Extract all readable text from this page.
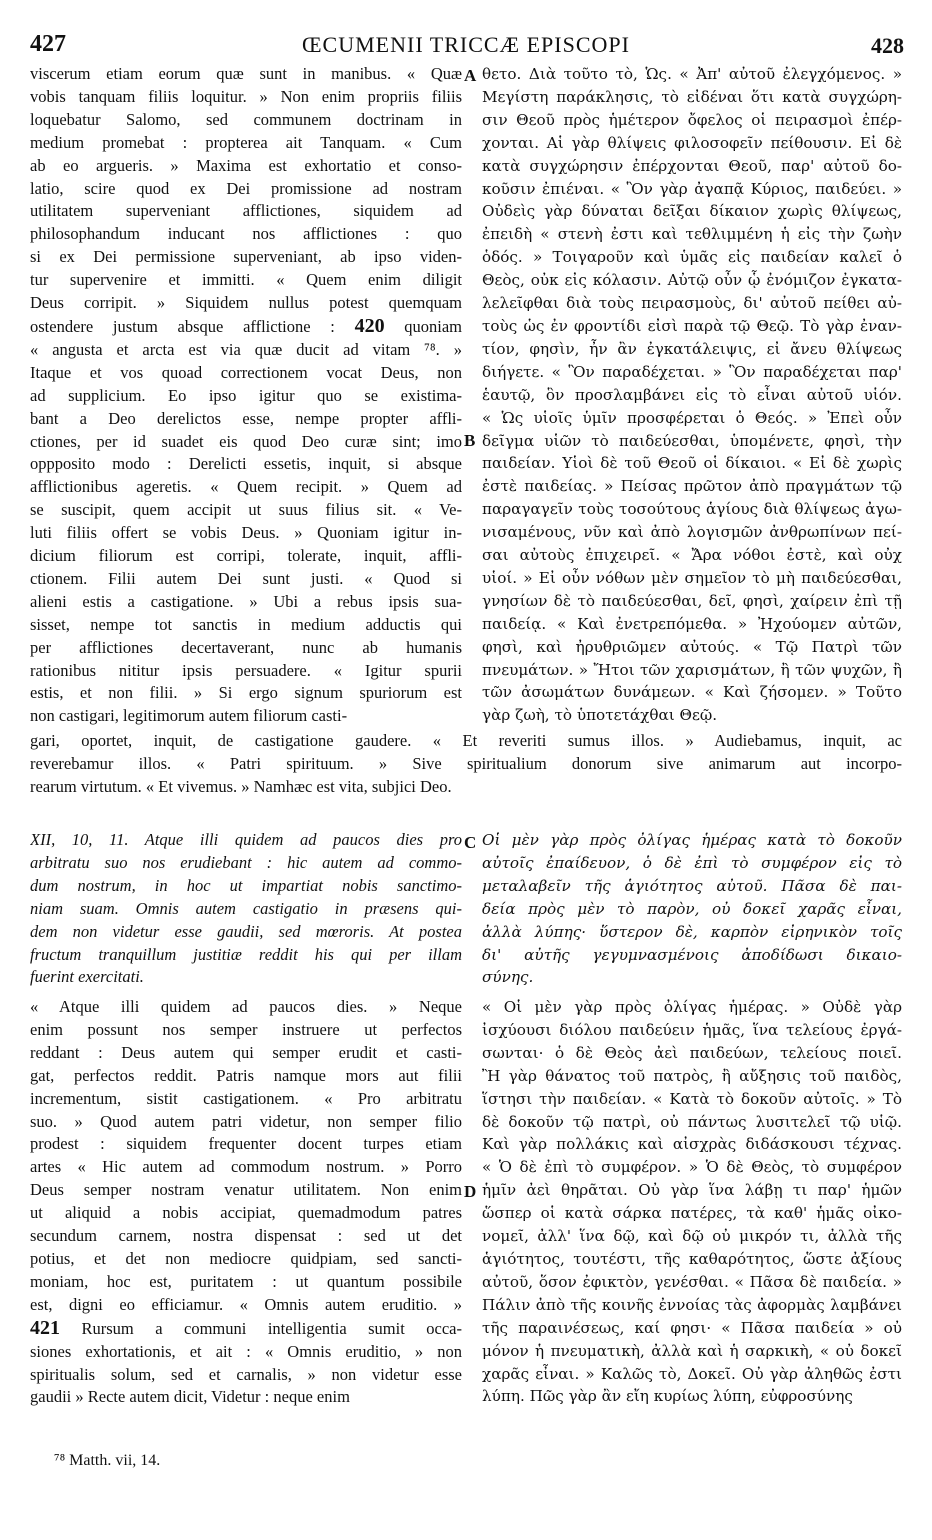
427	ŒCUMENII TRICCÆ EPISCOPI	428
A
B
C
D
viscerum etiam eorum quæ sunt in manibus. « Quæ
vobis tanquam filiis loquitur. » Non enim propriis filiis
loquebatur Salomo, sed communem doctrinam in
medium promebat : propterea ait Tanquam. « Cum
ab eo argueris. » Maxima est exhortatio et conso-
latio, scire quod ex Dei promissione ad nostram
utilitatem superveniant afflictiones, siquidem ad
philosophandum inducant nos afflictiones : quo
si ex Dei permissione superveniant, ab ipso viden-
tur supervenire et immitti. « Quem enim diligit
Deus corripit. » Siquidem nullus potest quemquam
ostendere justum absque afflictione : 420 quoniam
« angusta et arcta est via quæ ducit ad vitam ⁷⁸. »
Itaque et vos quoad correctionem vocat Deus, non
ad supplicium. Eo ipso igitur quo se existima-
bant a Deo derelictos esse, nempe propter affli-
ctiones, per id suadet eis quod Deo curæ sint; imo
oppposito modo : Derelicti essetis, inquit, si absque
afflictionibus ageretis. « Quem recipit. » Quem ad
se suscipit, quem accipit ut suus filius sit. « Ve-
luti filiis offert se vobis Deus. » Quoniam igitur in-
dicium filiorum est corripi, tolerate, inquit, affli-
ctionem. Filii autem Dei sunt justi. « Quod si
alieni estis a castigatione. » Ubi a rebus ipsis sua-
sisset, nempe tot sanctis in medium adductis qui
per afflictiones decertaverant, nunc ab humanis
rationibus nititur ipsis persuadere. « Igitur spurii
estis, et non filii. » Si ergo signum spuriorum est
non castigari, legitimorum autem filiorum casti-
θετο. Διὰ τοῦτο τὸ, Ὡς. « Ἀπ' αὐτοῦ ἐλεγχόμενος. »
Μεγίστη παράκλησις, τὸ εἰδέναι ὅτι κατὰ συγχώρη-
σιν Θεοῦ πρὸς ἡμέτερον ὄφελος οἱ πειρασμοὶ ἐπέρ-
χονται. Αἱ γὰρ θλίψεις φιλοσοφεῖν πείθουσιν. Εἰ δὲ
κατὰ συγχώρησιν ἐπέρχονται Θεοῦ, παρ' αὐτοῦ δο-
κοῦσιν ἐπιέναι. « Ὃν γὰρ ἀγαπᾷ Κύριος, παιδεύει. »
Οὐδεὶς γὰρ δύναται δεῖξαι δίκαιον χωρὶς θλίψεως,
ἐπειδὴ « στενὴ ἐστι καὶ τεθλιμμένη ἡ εἰς τὴν ζωὴν
ὁδός. » Τοιγαροῦν καὶ ὑμᾶς εἰς παιδείαν καλεῖ ὁ
Θεὸς, οὐκ εἰς κόλασιν. Αὐτῷ οὖν ᾧ ἐνόμιζον ἐγκατα-
λελεῖφθαι διὰ τοὺς πειρασμοὺς, δι' αὐτοῦ πείθει αὐ-
τοὺς ὡς ἐν φροντίδι εἰσὶ παρὰ τῷ Θεῷ. Τὸ γὰρ ἐναν-
τίον, φησὶν, ἦν ἂν ἐγκατάλειψις, εἰ ἄνευ θλίψεως
διήγετε. « Ὃν παραδέχεται. » Ὃν παραδέχεται παρ'
ἑαυτῷ, ὃν προσλαμβάνει εἰς τὸ εἶναι αὐτοῦ υἱόν.
« Ὡς υἱοῖς ὑμῖν προσφέρεται ὁ Θεός. » Ἐπεὶ οὖν
δεῖγμα υἱῶν τὸ παιδεύεσθαι, ὑπομένετε, φησὶ, τὴν
παιδείαν. Υἱοὶ δὲ τοῦ Θεοῦ οἱ δίκαιοι. « Εἰ δὲ χωρὶς
ἐστὲ παιδείας. » Πείσας πρῶτον ἀπὸ πραγμάτων τῷ
παραγαγεῖν τοὺς τοσούτους ἁγίους διὰ θλίψεως ἀγω-
νισαμένους, νῦν καὶ ἀπὸ λογισμῶν ἀνθρωπίνων πεί-
σαι αὐτοὺς ἐπιχειρεῖ. « Ἄρα νόθοι ἐστὲ, καὶ οὐχ
υἱοί. » Εἰ οὖν νόθων μὲν σημεῖον τὸ μὴ παιδεύεσθαι,
γνησίων δὲ τὸ παιδεύεσθαι, δεῖ, φησὶ, χαίρειν ἐπὶ τῇ
παιδείᾳ. « Καὶ ἐνετρεπόμεθα. » Ἠχούομεν αὐτῶν,
φησὶ, καὶ ἠρυθριῶμεν αὐτούς. « Τῷ Πατρὶ τῶν
πνευμάτων. » Ἤτοι τῶν χαρισμάτων, ἢ τῶν ψυχῶν, ἢ
τῶν ἀσωμάτων δυνάμεων. « Καὶ ζήσομεν. » Τοῦτο
γὰρ ζωὴ, τὸ ὑποτετάχθαι Θεῷ.
gari, oportet, inquit, de castigatione gaudere. « Et reveriti sumus illos. » Audiebamus, inquit, ac
reverebamur illos. « Patri spirituum. » Sive spiritualium donorum sive animarum aut incorpo-
rearum virtutum. « Et vivemus. » Namhæc est vita, subjici Deo.
XII, 10, 11. Atque illi quidem ad paucos dies pro
arbitratu suo nos erudiebant : hic autem ad commo-
dum nostrum, in hoc ut impartiat nobis sanctimo-
niam suam. Omnis autem castigatio in præsens qui-
dem non videtur esse gaudii, sed mœroris. At postea
fructum tranquillum justitiæ reddit his qui per illam
fuerint exercitati.
Οἱ μὲν γὰρ πρὸς ὀλίγας ἡμέρας κατὰ τὸ δοκοῦν
αὐτοῖς ἐπαίδευον, ὁ δὲ ἐπὶ τὸ συμφέρον εἰς τὸ
μεταλαβεῖν τῆς ἁγιότητος αὐτοῦ. Πᾶσα δὲ παι-
δεία πρὸς μὲν τὸ παρὸν, οὐ δοκεῖ χαρᾶς εἶναι,
ἀλλὰ λύπης· ὕστερον δὲ, καρπὸν εἰρηνικὸν τοῖς
δι' αὐτῆς γεγυμνασμένοις ἀποδίδωσι δικαιο-
σύνης.
« Atque illi quidem ad paucos dies. » Neque
enim possunt nos semper instruere ut perfectos
reddant : Deus autem qui semper erudit et casti-
gat, perfectos reddit. Patris namque mors aut filii
incrementum, sistit castigationem. « Pro arbitratu
suo. » Quod autem patri videtur, non semper filio
prodest : siquidem frequenter docent turpes etiam
artes « Hic autem ad commodum nostrum. » Porro
Deus semper nostram venatur utilitatem. Non enim
ut aliquid a nobis accipiat, quemadmodum patres
secundum carnem, nostra dispensat : sed ut det
potius, et det non mediocre quidpiam, sed sancti-
moniam, hoc est, puritatem : ut quantum possibile
est, digni eo efficiamur. « Omnis autem eruditio. »
421 Rursum a communi intelligentia sumit occa-
siones exhortationis, et ait : « Omnis eruditio, » non
spiritualis solum, sed et carnalis, » non videtur esse
gaudii » Recte autem dicit, Videtur : neque enim
« Οἱ μὲν γὰρ πρὸς ὀλίγας ἡμέρας. » Οὐδὲ γὰρ
ἰσχύουσι διόλου παιδεύειν ἡμᾶς, ἵνα τελείους ἐργά-
σωνται· ὁ δὲ Θεὸς ἀεὶ παιδεύων, τελείους ποιεῖ.
Ἢ γὰρ θάνατος τοῦ πατρὸς, ἢ αὔξησις τοῦ παιδὸς,
ἵστησι τὴν παιδείαν. « Κατὰ τὸ δοκοῦν αὐτοῖς. » Τὸ
δὲ δοκοῦν τῷ πατρὶ, οὐ πάντως λυσιτελεῖ τῷ υἱῷ.
Καὶ γὰρ πολλάκις καὶ αἰσχρὰς διδάσκουσι τέχνας.
« Ὁ δὲ ἐπὶ τὸ συμφέρον. » Ὁ δὲ Θεὸς, τὸ συμφέρον
ἡμῖν ἀεὶ θηρᾶται. Οὐ γὰρ ἵνα λάβῃ τι παρ' ἡμῶν
ὥσπερ οἱ κατὰ σάρκα πατέρες, τὰ καθ' ἡμᾶς οἰκο-
νομεῖ, ἀλλ' ἵνα δῷ, καὶ δῷ οὐ μικρόν τι, ἀλλὰ τῆς
ἁγιότητος, τουτέστι, τῆς καθαρότητος, ὥστε ἀξίους
αὐτοῦ, ὅσον ἐφικτὸν, γενέσθαι. « Πᾶσα δὲ παιδεία. »
Πάλιν ἀπὸ τῆς κοινῆς ἐννοίας τὰς ἀφορμὰς λαμβάνει
τῆς παραινέσεως, καί φησι· « Πᾶσα παιδεία » οὐ
μόνον ἡ πνευματικὴ, ἀλλὰ καὶ ἡ σαρκικὴ, « οὐ δοκεῖ
χαρᾶς εἶναι. » Καλῶς τὸ, Δοκεῖ. Οὐ γὰρ ἀληθῶς ἐστι
λύπη. Πῶς γὰρ ἂν εἴη κυρίως λύπη, εὐφροσύνης
⁷⁸ Matth. vii, 14.
